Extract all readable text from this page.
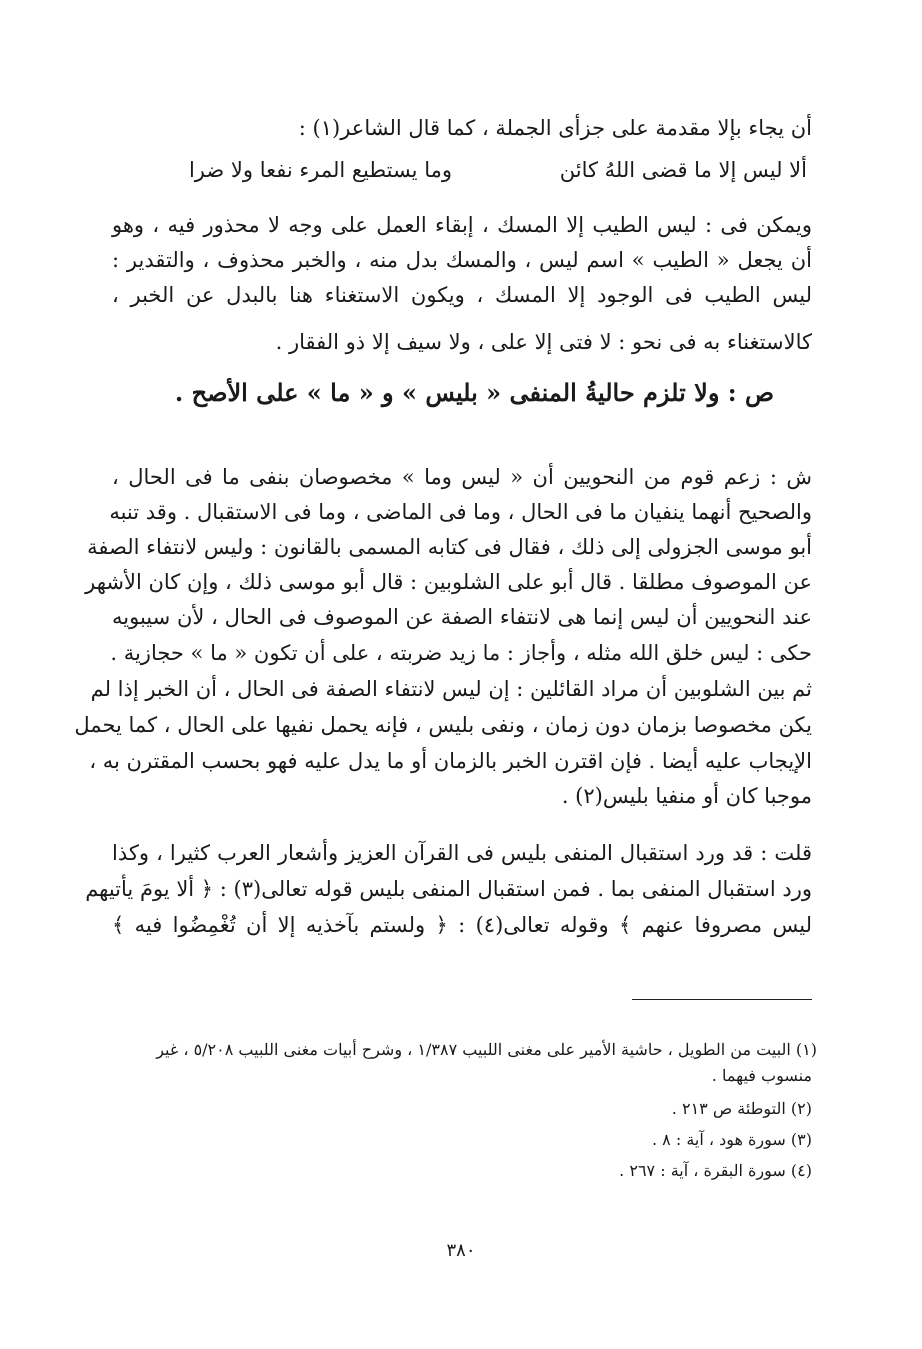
أن يجاء بإلا مقدمة على جزأى الجملة ، كما قال الشاعر(١) :
ألا ليس إلا ما قضى اللهُ كائن
وما يستطيع المرء نفعا ولا ضرا
ويمكن فى : ليس الطيب إلا المسك ، إبقاء العمل على وجه لا محذور فيه ، وهو
أن يجعل « الطيب » اسم ليس ، والمسك بدل منه ، والخبر محذوف ، والتقدير :
ليس الطيب فى الوجود إلا المسك ، ويكون الاستغناء هنا بالبدل عن الخبر ،
كالاستغناء به فى نحو : لا فتى إلا على ، ولا سيف إلا ذو الفقار .
ص : ولا تلزم حاليةُ المنفى « بليس » و « ما » على الأصح .
ش : زعم قوم من النحويين أن « ليس وما » مخصوصان بنفى ما فى الحال ،
والصحيح أنهما ينفيان ما فى الحال ، وما فى الماضى ، وما فى الاستقبال . وقد تنبه
أبو موسى الجزولى إلى ذلك ، فقال فى كتابه المسمى بالقانون : وليس لانتفاء الصفة
عن الموصوف مطلقا . قال أبو على الشلوبين : قال أبو موسى ذلك ، وإن كان الأشهر
عند النحويين أن ليس إنما هى لانتفاء الصفة عن الموصوف فى الحال ، لأن سيبويه
حكى : ليس خلق الله مثله ، وأجاز : ما زيد ضربته ، على أن تكون « ما » حجازية .
ثم بين الشلوبين أن مراد القائلين : إن ليس لانتفاء الصفة فى الحال ، أن الخبر إذا لم
يكن مخصوصا بزمان دون زمان ، ونفى بليس ، فإنه يحمل نفيها على الحال ، كما يحمل
الإيجاب عليه أيضا . فإن اقترن الخبر بالزمان أو ما يدل عليه فهو بحسب المقترن به ،
موجبا كان أو منفيا بليس(٢) .
قلت : قد ورد استقبال المنفى بليس فى القرآن العزيز وأشعار العرب كثيرا ، وكذا
ورد استقبال المنفى بما . فمن استقبال المنفى بليس قوله تعالى(٣) : ﴿ ألا يومَ يأتيهم
ليس مصروفا عنهم ﴾ وقوله تعالى(٤) : ﴿ ولستم بآخذيه إلا أن تُغْمِضُوا فيه ﴾
(١) البيت من الطويل ، حاشية الأمير على مغنى اللبيب ١/٣٨٧ ، وشرح أبيات مغنى اللبيب ٥/٢٠٨ ، غير
منسوب فيهما .
(٢) التوطئة ص ٢١٣ .
(٣) سورة هود ، آية : ٨ .
(٤) سورة البقرة ، آية : ٢٦٧ .
٣٨٠
